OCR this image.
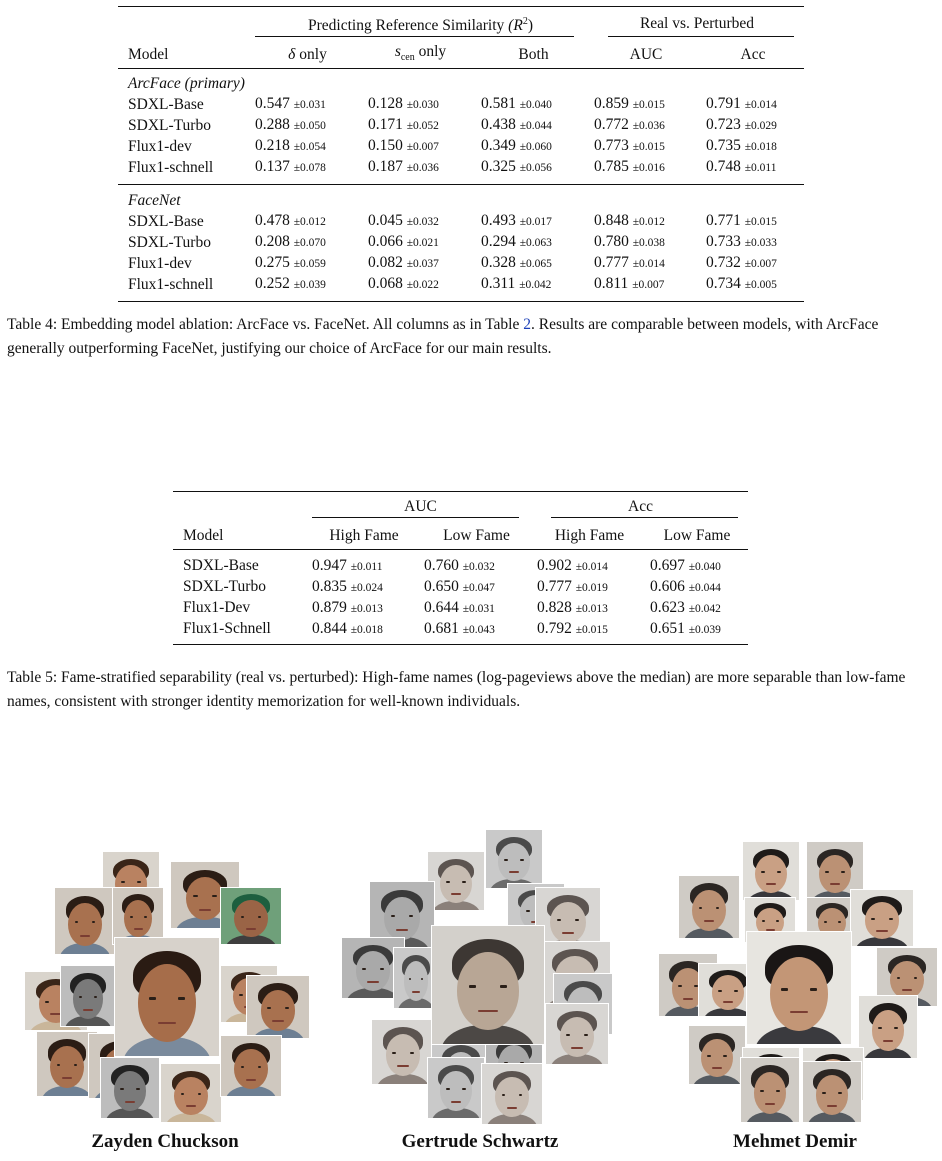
	Predicting Reference Similarity $(R^2)$			Real vs. Perturbed	

Model	δ only	$s_{cen}$ only	Both	AUC	Acc
ArcFace (primary)					
SDXL-Base	0.547 ±0.031	0.128 ±0.030	0.581 ±0.040	0.859 ±0.015	0.791 ±0.014
SDXL-Turbo	0.288 ±0.050	0.171 ±0.052	0.438 ±0.044	0.772 ±0.036	0.723 ±0.029
Flux1-dev	0.218 ±0.054	0.150 ±0.007	0.349 ±0.060	0.773 ±0.015	0.735 ±0.018
Flux1-schnell	0.137 ±0.078	0.187 ±0.036	0.325 ±0.056	0.785 ±0.016	0.748 ±0.011
FaceNet					
SDXL-Base	0.478 ±0.012	0.045 ±0.032	0.493 ±0.017	0.848 ±0.012	0.771 ±0.015
SDXL-Turbo	0.208 ±0.070	0.066 ±0.021	0.294 ±0.063	0.780 ±0.038	0.733 ±0.033
Flux1-dev	0.275 ±0.059	0.082 ±0.037	0.328 ±0.065	0.777 ±0.014	0.732 ±0.007
Flux1-schnell	0.252 ±0.039	0.068 ±0.022	0.311 ±0.042	0.811 ±0.007	0.734 ±0.005
Table 4: Embedding model ablation: ArcFace vs. FaceNet. All columns as in Table 2. Results are comparable between models, with ArcFace generally outperforming FaceNet, justifying our choice of ArcFace for our main results.
	AUC		Acc	

Model	High Fame	Low Fame	High Fame	Low Fame
SDXL-Base	0.947 ±0.011	0.760 ±0.032	0.902 ±0.014	0.697 ±0.040
SDXL-Turbo	0.835 ±0.024	0.650 ±0.047	0.777 ±0.019	0.606 ±0.044
Flux1-Dev	0.879 ±0.013	0.644 ±0.031	0.828 ±0.013	0.623 ±0.042
Flux1-Schnell	0.844 ±0.018	0.681 ±0.043	0.792 ±0.015	0.651 ±0.039
Table 5: Fame-stratified separability (real vs. perturbed): High-fame names (log-pageviews above the median) are more separable than low-fame names, consistent with stronger identity memorization for well-known individuals.
Zayden Chuckson	Gertrude Schwartz	Mehmet Demir
